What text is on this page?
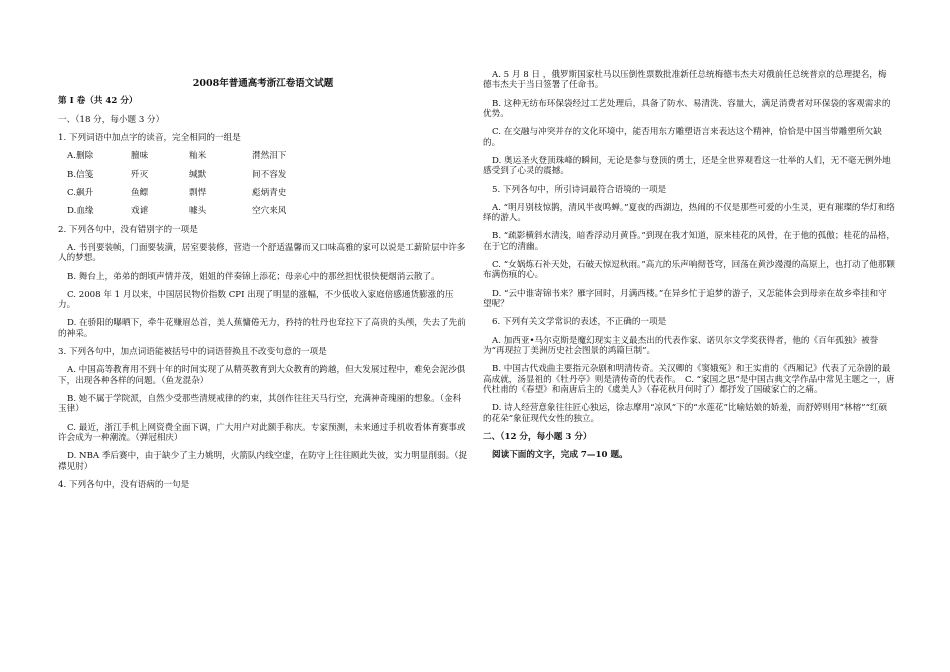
2008年普通高考浙江卷语文试题
第 I 卷（共 42 分）
一、（18 分，每小题 3 分）
1. 下列词语中加点字的读音，完全相同的一组是
A.删除	膻味	籼米	潸然泪下
B.信笺	歼灭	缄默	间不容发
C.飙升	鱼鳔	剽悍	彪炳青史
D.血缘	戏谑	噱头	空穴来风
2. 下列各句中，没有错别字的一项是
A. 书刊要装帧，门面要装潢，居室要装修，营造一个舒适温馨而又口味高雅的家可以说是工薪阶层中许多人的梦想。
B. 舞台上，弟弟的朗顷声情并茂，姐姐的伴奏锦上添花；母亲心中的那丝担忧很快便烟消云散了。
C. 2008 年 1 月以来，中国居民物价指数 CPI 出现了明显的涨幅，不少低收入家庭倍感通货膨涨的压力。
D. 在骄阳的曝晒下，牵牛花赚眉怂首，美人蕉慵倦无力，矜持的牡丹也耷拉下了高贵的头颅，失去了先前的神采。
3. 下列各句中，加点词语能被括号中的词语替换且不改变句意的一项是
A. 中国高等教育用不到十年的时间实现了从精英教育到大众教育的跨越，但大发展过程中，难免会泥沙俱下，出现各种各样的问题。（鱼龙混杂）
B. 她不属于学院派，自然少受那些清规戒律的约束，其创作往往天马行空，充满神奇瑰丽的想象。（金科玉律）
C. 最近，浙江手机上网资费全面下调，广大用户对此额手称庆。专家预测，未来通过手机收看体育赛事或许会成为一种潮流。（弹冠相庆）
D. NBA 季后赛中，由于缺少了主力姚明，火箭队内线空虚，在防守上往往顾此失彼，实力明显削弱。（捉襟见肘）
4. 下列各句中，没有语病的一句是
A. 5 月 8 日 ，俄罗斯国家杜马以压倒性票数批准新任总统梅德韦杰夫对俄前任总统普京的总理提名，梅德韦杰夫于当日签署了任命书。
B. 这种无纺布环保袋经过工艺处理后，具备了防水、易清洗、容量大，满足消费者对环保袋的客观需求的优势。
C. 在交融与冲突并存的文化环境中，能否用东方雕塑语言来表达这个精神，恰恰是中国当带雕塑所欠缺的。
D. 奥运圣火登顶珠峰的瞬间，无论是参与登顶的勇士，还是全世界观看这一壮举的人们，无不毫无例外地感受到了心灵的震撼。
5. 下列各句中，所引诗词最符合语境的一项是
A. “明月别枝惊鹊，清风半夜鸣蝉。”夏夜的西湖边，热闹的不仅是那些可爱的小生灵，更有璀璨的华灯和络绎的游人。
B. “疏影横斜水清浅，暗香浮动月黄昏。”到现在我才知道，原来桂花的风骨，在于他的孤傲；桂花的品格，在于它的清幽。
C. “女娲炼石补天处，石破天惊逗秋雨。”高亢的乐声响彻苍穹，回荡在黄沙漫漫的高原上，也打动了他那颗布满伤痕的心。
D. “云中谁寄锦书来？雁字回时，月满西楼。”在异乡忙于追梦的游子，又怎能体会到母亲在故乡牵挂和守望呢？
6. 下列有关文学常识的表述，不正确的一项是
A. 加西亚•马尔克斯是魔幻现实主义最杰出的代表作家、诺贝尔文学奖获得者，他的《百年孤独》被誉为“再现拉丁美洲历史社会图景的鸿篇巨制”。
B. 中国古代戏曲主要指元杂剧和明清传奇。关汉卿的《窦娥冤》和王实甫的《西厢记》代表了元杂剧的最高成就，汤显祖的《牡丹亭》则是清传奇的代表作。　C. “家国之思”是中国古典文学作品中常见主题之一，唐代杜甫的《春望》和南唐后主的《虞美人》（春花秋月何时了）都抒发了国破家亡的之痛。
D. 诗人经营意象往往匠心独运，徐志摩用“凉风”下的“水莲花”比喻姑娘的娇羞，而舒婷则用“林榕”“红硕的花朵”象征现代女性的独立。
二、（12 分，每小题 3 分）
阅读下面的文字，完成 7—10 题。
